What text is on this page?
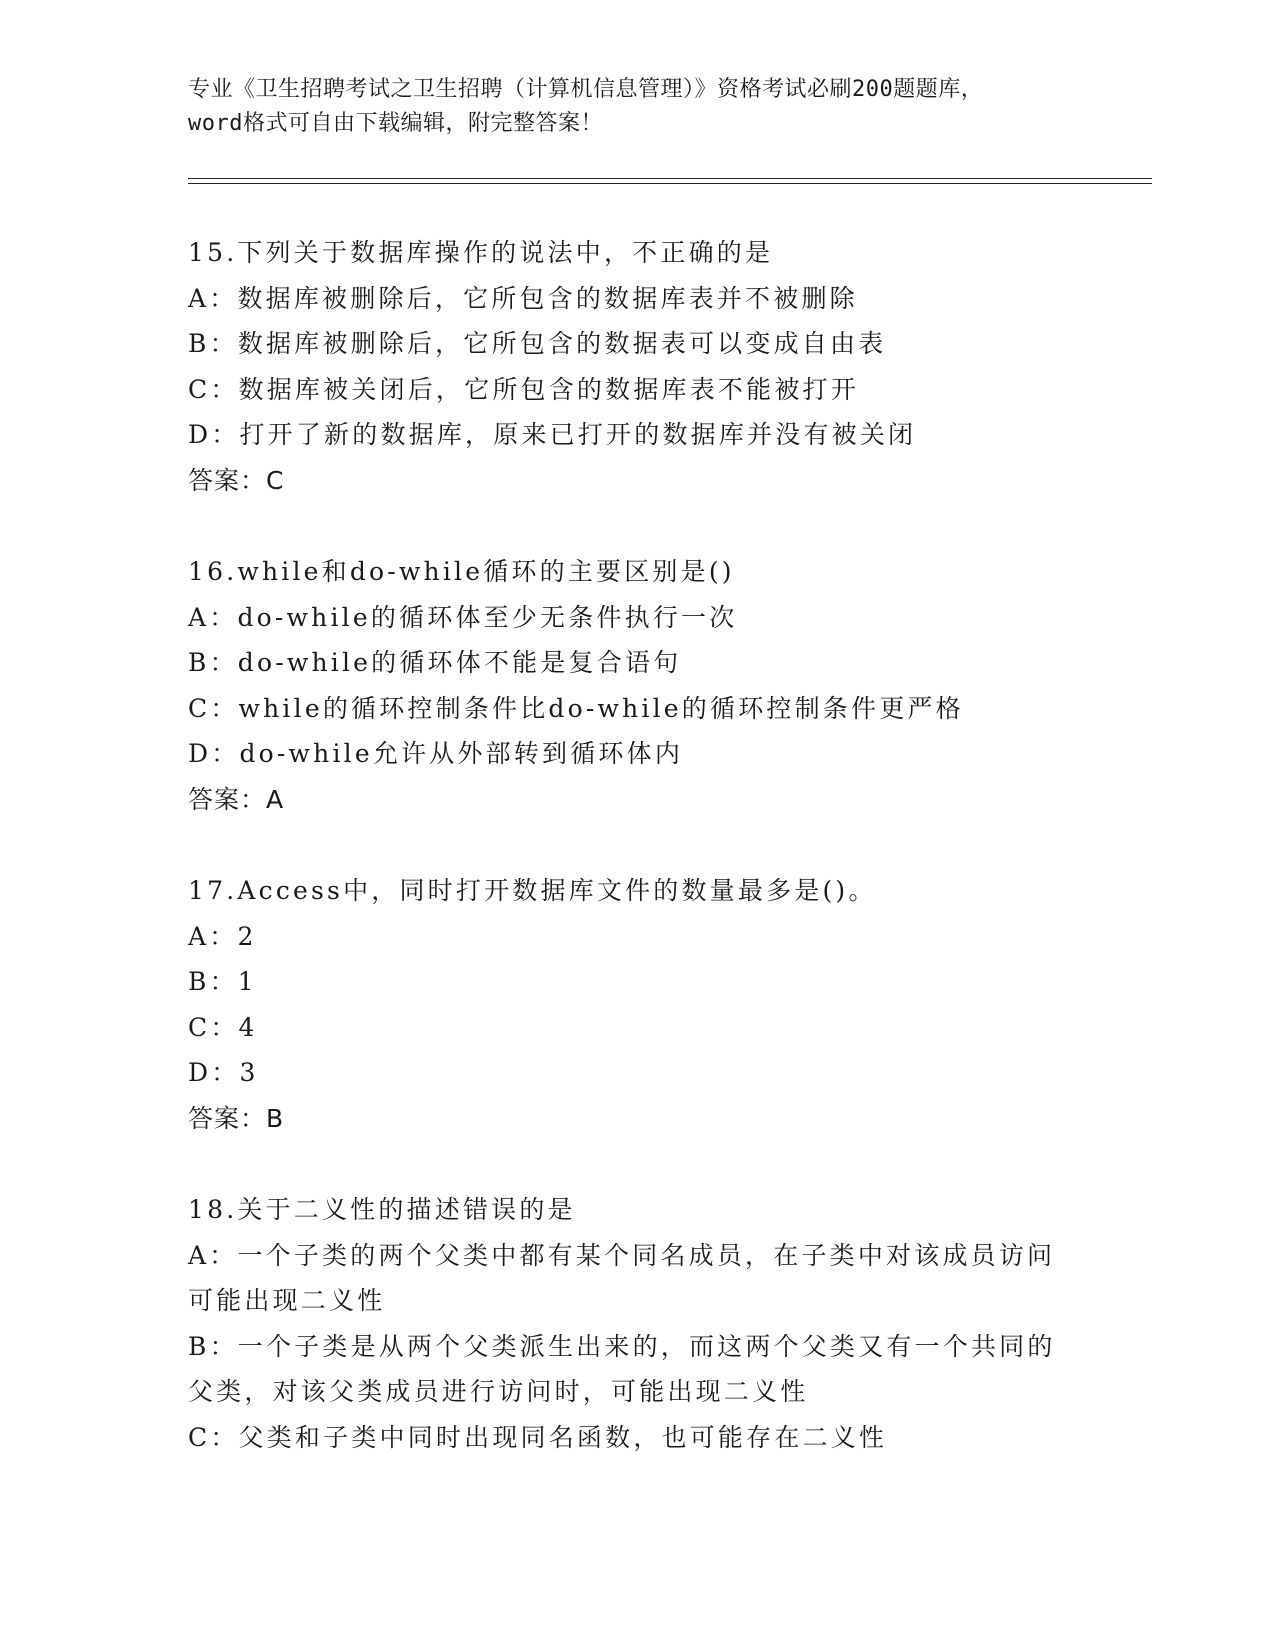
专业《卫生招聘考试之卫生招聘（计算机信息管理）》资格考试必刷200题题库，
word格式可自由下载编辑，附完整答案！
15.下列关于数据库操作的说法中，不正确的是
A：数据库被删除后，它所包含的数据库表并不被删除
B：数据库被删除后，它所包含的数据表可以变成自由表
C：数据库被关闭后，它所包含的数据库表不能被打开
D：打开了新的数据库，原来已打开的数据库并没有被关闭
答案：C
16.while和do-while循环的主要区别是()
A：do-while的循环体至少无条件执行一次
B：do-while的循环体不能是复合语句
C：while的循环控制条件比do-while的循环控制条件更严格
D：do-while允许从外部转到循环体内
答案：A
17.Access中，同时打开数据库文件的数量最多是()。
A：2
B：1
C：4
D：3
答案：B
18.关于二义性的描述错误的是
A：一个子类的两个父类中都有某个同名成员，在子类中对该成员访问可能出现二义性
B：一个子类是从两个父类派生出来的，而这两个父类又有一个共同的父类，对该父类成员进行访问时，可能出现二义性
C：父类和子类中同时出现同名函数，也可能存在二义性
